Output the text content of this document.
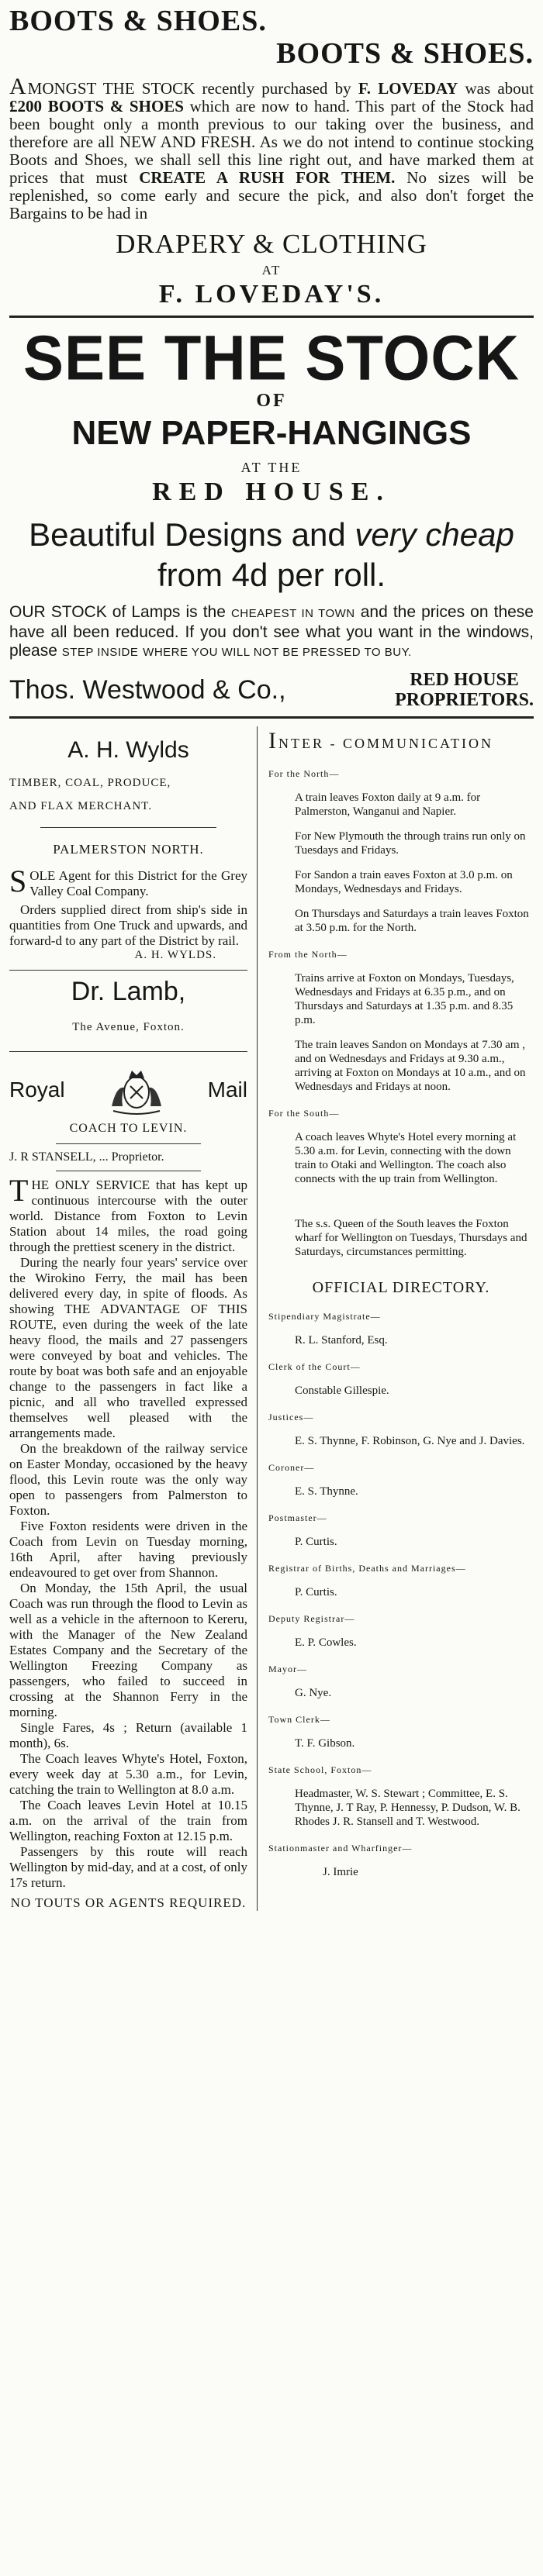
BOOTS & SHOES.
BOOTS & SHOES.

AMONGST THE STOCK recently purchased by F. LOVEDAY was about £200 BOOTS & SHOES which are now to hand. This part of the Stock had been bought only a month previous to our taking over the business, and therefore are all NEW AND FRESH. As we do not intend to continue stocking Boots and Shoes, we shall sell this line right out, and have marked them at prices that must CREATE A RUSH FOR THEM. No sizes will be replenished, so come early and secure the pick, and also don't forget the Bargains to be had in

DRAPERY & CLOTHING
AT
F. LOVEDAY'S.
SEE THE STOCK
OF
NEW PAPER-HANGINGS
AT THE
RED HOUSE.
Beautiful Designs and very cheap from 4d per roll.

OUR STOCK of Lamps is the CHEAPEST IN TOWN and the prices on these have all been reduced. If you don't see what you want in the windows, please STEP INSIDE WHERE YOU WILL NOT BE PRESSED TO BUY.

Thos. Westwood & Co.,	RED HOUSE
PROPRIETORS.
A. H. Wylds
TIMBER, COAL, PRODUCE,
AND FLAX MERCHANT.
PALMERSTON NORTH.

SOLE Agent for this District for the Grey Valley Coal Company.

Orders supplied direct from ship's side in quantities from One Truck and upwards, and forward-d to any part of the District by rail.

A. H. WYLDS.
Dr. Lamb,
The Avenue, Foxton.
Royal	Mail
COACH TO LEVIN.
J. R STANSELL, ... Proprietor.

THE ONLY SERVICE that has kept up continuous intercourse with the outer world. Distance from Foxton to Levin Station about 14 miles, the road going through the prettiest scenery in the district.

During the nearly four years' service over the Wirokino Ferry, the mail has been delivered every day, in spite of floods. As showing THE ADVANTAGE OF THIS ROUTE, even during the week of the late heavy flood, the mails and 27 passengers were conveyed by boat and vehicles. The route by boat was both safe and an enjoyable change to the passengers in fact like a picnic, and all who travelled expressed themselves well pleased with the arrangements made.

On the breakdown of the railway service on Easter Monday, occasioned by the heavy flood, this Levin route was the only way open to passengers from Palmerston to Foxton.

Five Foxton residents were driven in the Coach from Levin on Tuesday morning, 16th April, after having previously endeavoured to get over from Shannon.

On Monday, the 15th April, the usual Coach was run through the flood to Levin as well as a vehicle in the afternoon to Kereru, with the Manager of the New Zealand Estates Company and the Secretary of the Wellington Freezing Company as passengers, who failed to succeed in crossing at the Shannon Ferry in the morning.

Single Fares, 4s ; Return (available 1 month), 6s.

The Coach leaves Whyte's Hotel, Foxton, every week day at 5.30 a.m., for Levin, catching the train to Wellington at 8.0 a.m.

The Coach leaves Levin Hotel at 10.15 a.m. on the arrival of the train from Wellington, reaching Foxton at 12.15 p.m.

Passengers by this route will reach Wellington by mid-day, and at a cost, of only 17s return.

NO TOUTS OR AGENTS REQUIRED.
INTER - COMMUNICATION
For the North—
A train leaves Foxton daily at 9 a.m. for Palmerston, Wanganui and Napier.
For New Plymouth the through trains run only on Tuesdays and Fridays.
For Sandon a train eaves Foxton at 3.0 p.m. on Mondays, Wednesdays and Fridays.
On Thursdays and Saturdays a train leaves Foxton at 3.50 p.m. for the North.
From the North—
Trains arrive at Foxton on Mondays, Tuesdays, Wednesdays and Fridays at 6.35 p.m., and on Thursdays and Saturdays at 1.35 p.m. and 8.35 p.m.
The train leaves Sandon on Mondays at 7.30 am , and on Wednesdays and Fridays at 9.30 a.m., arriving at Foxton on Mondays at 10 a.m., and on Wednesdays and Fridays at noon.
For the South—
A coach leaves Whyte's Hotel every morning at 5.30 a.m. for Levin, connecting with the down train to Otaki and Wellington. The coach also connects with the up train from Wellington.
The s.s. Queen of the South leaves the Foxton wharf for Wellington on Tuesdays, Thursdays and Saturdays, circumstances permitting.
OFFICIAL DIRECTORY.
Stipendiary Magistrate—
R. L. Stanford, Esq.
Clerk of the Court—
Constable Gillespie.
Justices—
E. S. Thynne, F. Robinson, G. Nye and J. Davies.
Coroner—
E. S. Thynne.
Postmaster—
P. Curtis.
Registrar of Births, Deaths and Marriages—
P. Curtis.
Deputy Registrar—
E. P. Cowles.
Mayor—
G. Nye.
Town Clerk—
T. F. Gibson.
State School, Foxton—
Headmaster, W. S. Stewart ; Committee, E. S. Thynne, J. T Ray, P. Hennessy, P. Dudson, W. B. Rhodes J. R. Stansell and T. Westwood.
Stationmaster and Wharfinger—
J. Imrie
